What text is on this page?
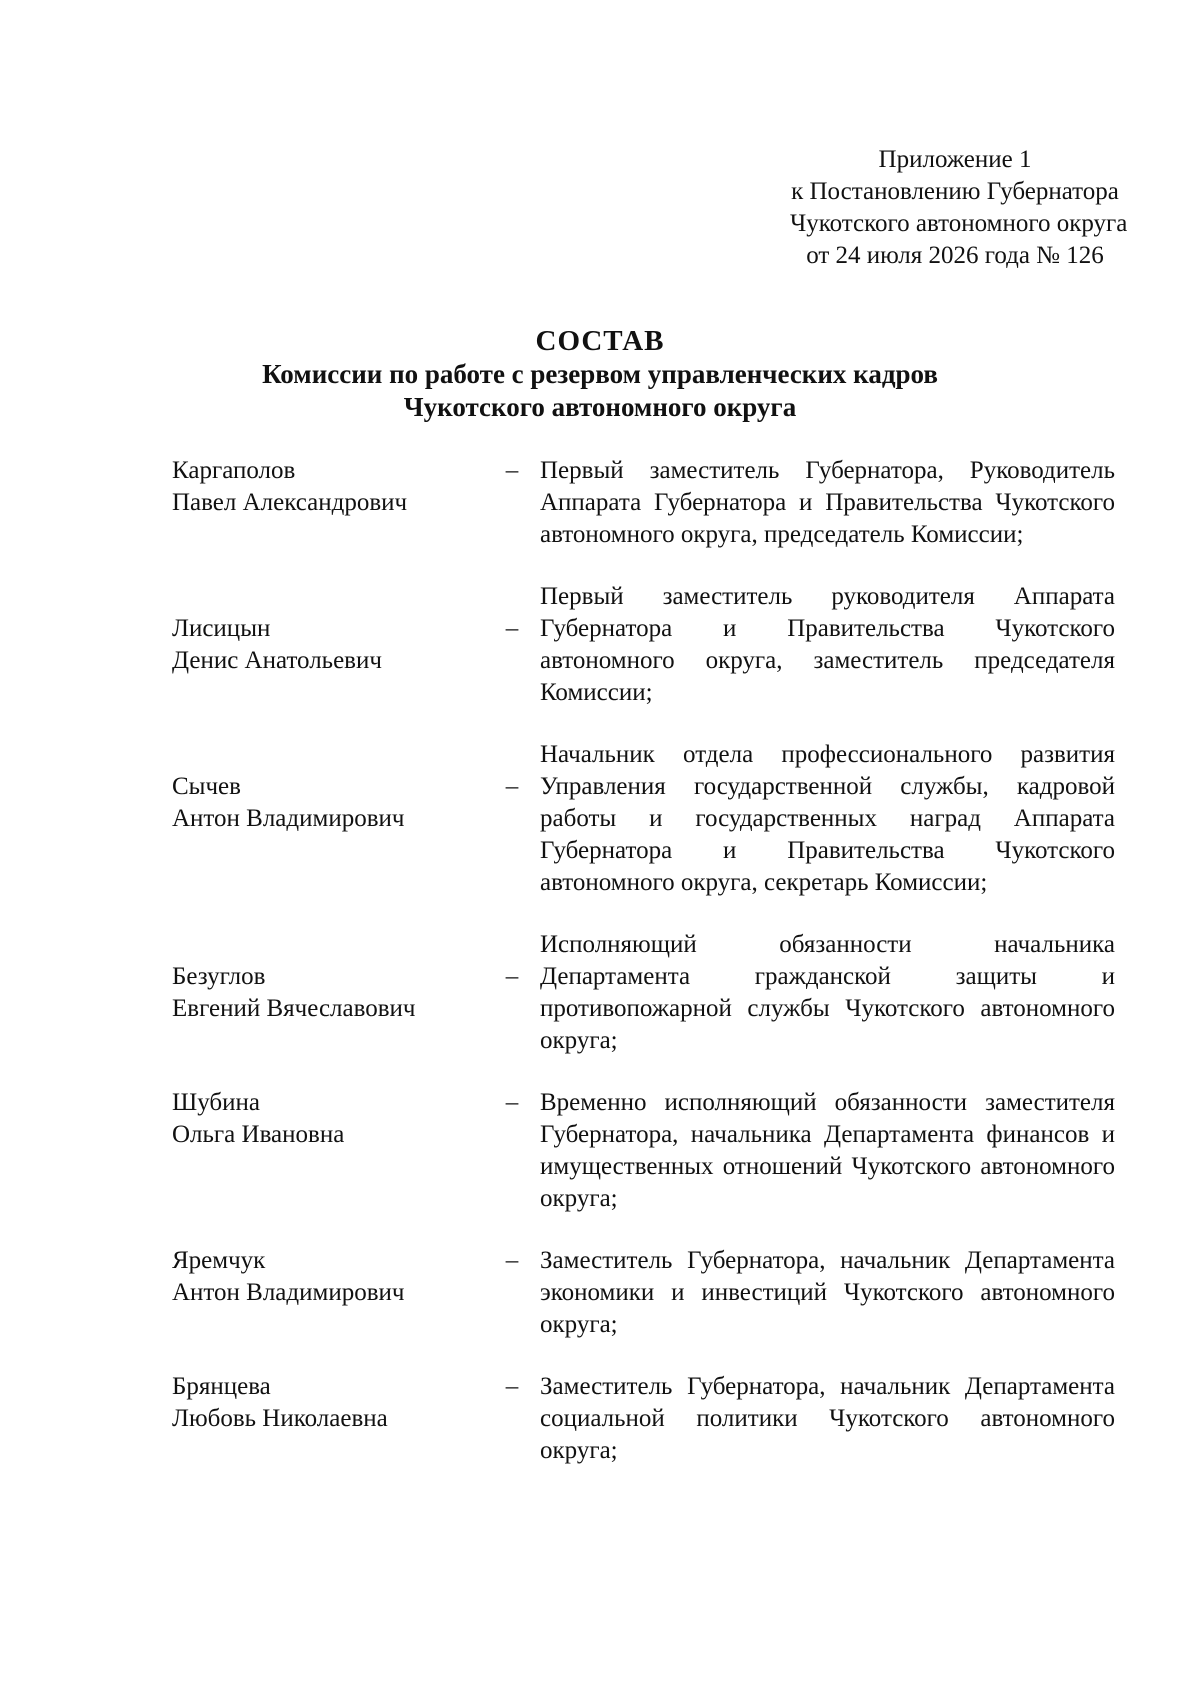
Приложение 1
к Постановлению Губернатора
Чукотского автономного округа
от 24 июля 2026 года № 126
СОСТАВ
Комиссии по работе с резервом управленческих кадров
Чукотского автономного округа
Каргаполов
Павел Александрович
– Первый заместитель Губернатора, Руководитель Аппарата Губернатора и Правительства Чукотского автономного округа, председатель Комиссии;
Лисицын
Денис Анатольевич
–
Первый заместитель руководителя Аппарата Губернатора и Правительства Чукотского автономного округа, заместитель председателя Комиссии;
Сычев
Антон Владимирович
–
Начальник отдела профессионального развития Управления государственной службы, кадровой работы и государственных наград Аппарата Губернатора и Правительства Чукотского автономного округа, секретарь Комиссии;
Безуглов
Евгений Вячеславович
–
Исполняющий обязанности начальника Департамента гражданской защиты и противопожарной службы Чукотского автономного округа;
Шубина
Ольга Ивановна
– Временно исполняющий обязанности заместителя Губернатора, начальника Департамента финансов и имущественных отношений Чукотского автономного округа;
Яремчук
Антон Владимирович
– Заместитель Губернатора, начальник Департамента экономики и инвестиций Чукотского автономного округа;
Брянцева
Любовь Николаевна
– Заместитель Губернатора, начальник Департамента социальной политики Чукотского автономного округа;
